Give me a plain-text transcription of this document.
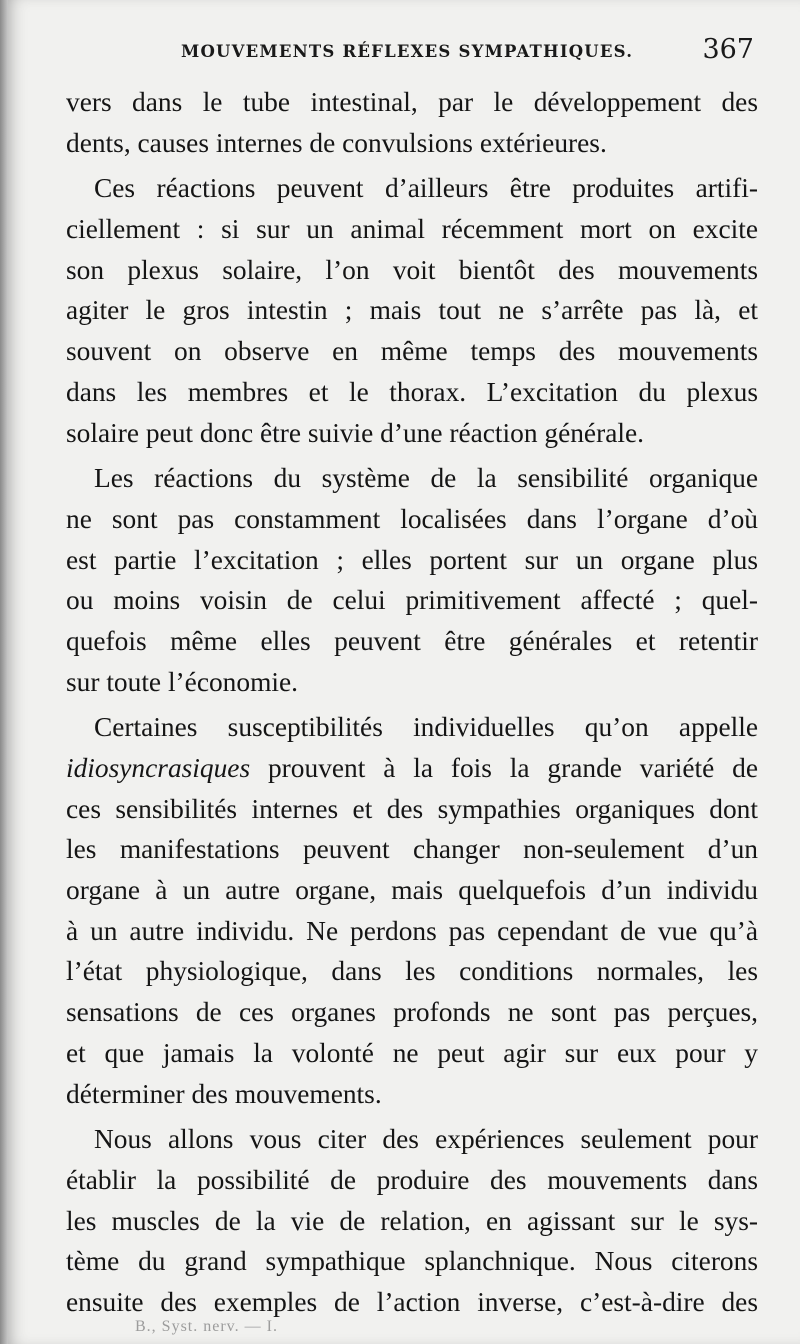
MOUVEMENTS RÉFLEXES SYMPATHIQUES.	367
vers dans le tube intestinal, par le développement des
dents, causes internes de convulsions extérieures.
Ces réactions peuvent d’ailleurs être produites artifi-
ciellement : si sur un animal récemment mort on excite
son plexus solaire, l’on voit bientôt des mouvements
agiter le gros intestin ; mais tout ne s’arrête pas là, et
souvent on observe en même temps des mouvements
dans les membres et le thorax. L’excitation du plexus
solaire peut donc être suivie d’une réaction générale.
Les réactions du système de la sensibilité organique
ne sont pas constamment localisées dans l’organe d’où
est partie l’excitation ; elles portent sur un organe plus
ou moins voisin de celui primitivement affecté ; quel-
quefois même elles peuvent être générales et retentir
sur toute l’économie.
Certaines susceptibilités individuelles qu’on appelle
idiosyncrasiques prouvent à la fois la grande variété de
ces sensibilités internes et des sympathies organiques dont
les manifestations peuvent changer non-seulement d’un
organe à un autre organe, mais quelquefois d’un individu
à un autre individu. Ne perdons pas cependant de vue qu’à
l’état physiologique, dans les conditions normales, les
sensations de ces organes profonds ne sont pas perçues,
et que jamais la volonté ne peut agir sur eux pour y
déterminer des mouvements.
Nous allons vous citer des expériences seulement pour
établir la possibilité de produire des mouvements dans
les muscles de la vie de relation, en agissant sur le sys-
tème du grand sympathique splanchnique. Nous citerons
ensuite des exemples de l’action inverse, c’est-à-dire des
B., Syst. nerv. — I.
